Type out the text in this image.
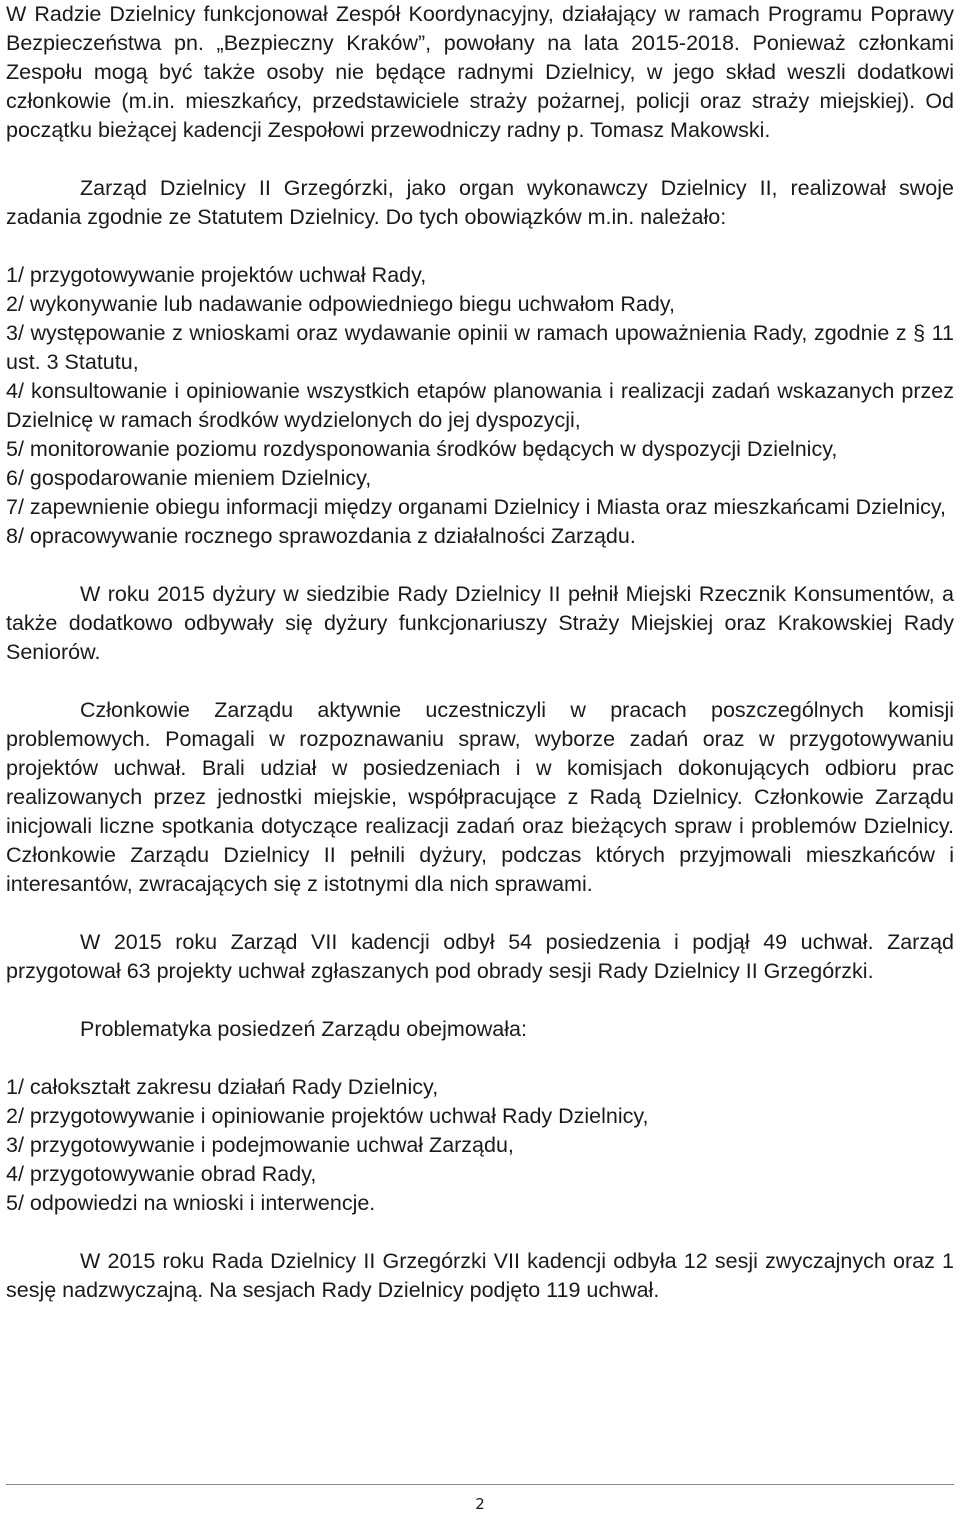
W Radzie Dzielnicy funkcjonował Zespół Koordynacyjny, działający w ramach Programu Poprawy Bezpieczeństwa pn. „Bezpieczny Kraków”, powołany na lata 2015-2018. Ponieważ członkami Zespołu mogą być także osoby nie będące radnymi Dzielnicy, w jego skład weszli dodatkowi członkowie (m.in. mieszkańcy, przedstawiciele straży pożarnej, policji oraz straży miejskiej). Od początku bieżącej kadencji Zespołowi przewodniczy radny p. Tomasz Makowski.

Zarząd Dzielnicy II Grzegórzki, jako organ wykonawczy Dzielnicy II, realizował swoje zadania zgodnie ze Statutem Dzielnicy. Do tych obowiązków m.in. należało:

1/ przygotowywanie projektów uchwał Rady,
2/ wykonywanie lub nadawanie odpowiedniego biegu uchwałom Rady,
3/ występowanie z wnioskami oraz wydawanie opinii w ramach upoważnienia Rady, zgodnie z § 11 ust. 3 Statutu,
4/ konsultowanie i opiniowanie wszystkich etapów planowania i realizacji zadań wskazanych przez Dzielnicę w ramach środków wydzielonych do jej dyspozycji,
5/ monitorowanie poziomu rozdysponowania środków będących w dyspozycji Dzielnicy,
6/ gospodarowanie mieniem Dzielnicy,
7/ zapewnienie obiegu informacji między organami Dzielnicy i Miasta oraz mieszkańcami Dzielnicy,
8/ opracowywanie rocznego sprawozdania z działalności Zarządu.

W roku 2015 dyżury w siedzibie Rady Dzielnicy II pełnił Miejski Rzecznik Konsumentów, a także dodatkowo odbywały się dyżury funkcjonariuszy Straży Miejskiej oraz Krakowskiej Rady Seniorów.

Członkowie Zarządu aktywnie uczestniczyli w pracach poszczególnych komisji problemowych. Pomagali w rozpoznawaniu spraw, wyborze zadań oraz w przygotowywaniu projektów uchwał. Brali udział w posiedzeniach i w komisjach dokonujących odbioru prac realizowanych przez jednostki miejskie, współpracujące z Radą Dzielnicy. Członkowie Zarządu inicjowali liczne spotkania dotyczące realizacji zadań oraz bieżących spraw i problemów Dzielnicy. Członkowie Zarządu Dzielnicy II pełnili dyżury, podczas których przyjmowali mieszkańców i interesantów, zwracających się z istotnymi dla nich sprawami.

W 2015 roku Zarząd VII kadencji odbył 54 posiedzenia i podjął 49 uchwał. Zarząd przygotował 63 projekty uchwał zgłaszanych pod obrady sesji Rady Dzielnicy II Grzegórzki.

Problematyka posiedzeń Zarządu obejmowała:

1/ całokształt zakresu działań Rady Dzielnicy,
2/ przygotowywanie i opiniowanie projektów uchwał Rady Dzielnicy,
3/ przygotowywanie i podejmowanie uchwał Zarządu,
4/ przygotowywanie obrad Rady,
5/ odpowiedzi na wnioski i interwencje.

W 2015 roku Rada Dzielnicy II Grzegórzki VII kadencji odbyła 12 sesji zwyczajnych oraz 1 sesję nadzwyczajną. Na sesjach Rady Dzielnicy podjęto 119 uchwał.

2
